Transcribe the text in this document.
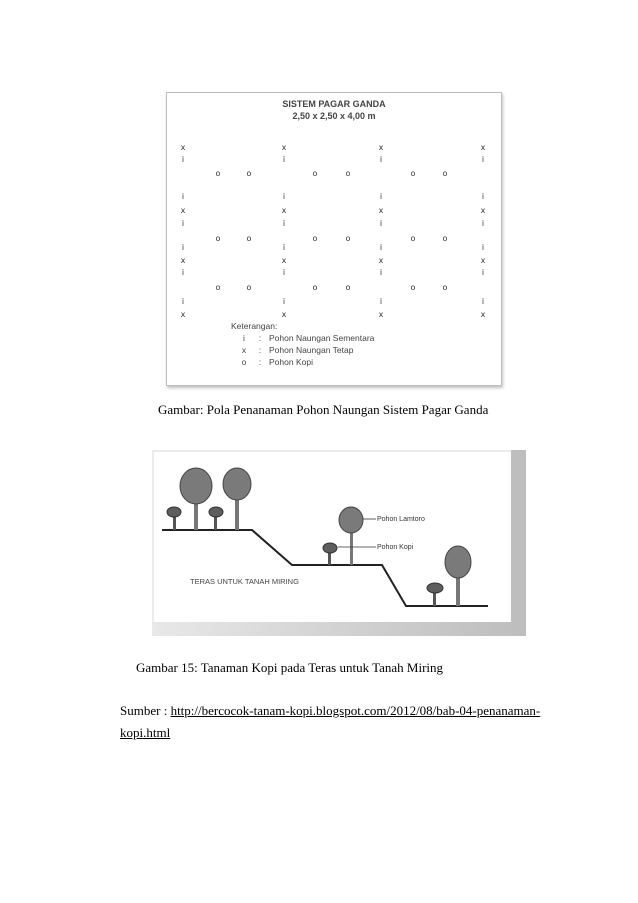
SISTEM PAGAR GANDA
2,50 x 2,50 x 4,00 m
x	x	x	x
i	i	i	i
o	o	o	o	o	o
i	i	i	i
x	x	x	x
i	i	i	i
o	o	o	o	o	o
i	i	i	i
x	x	x	x
i	i	i	i
o	o	o	o	o	o
i	i	i	i
x	x	x	x
Keterangan:
i	: Pohon Naungan Sementara
x	: Pohon Naungan Tetap
o	: Pohon Kopi
Gambar: Pola Penanaman Pohon Naungan Sistem Pagar Ganda
Pohon Lamtoro
Pohon Kopi
TERAS UNTUK TANAH MIRING
Gambar 15: Tanaman Kopi pada Teras untuk Tanah Miring
Sumber : http://bercocok-tanam-kopi.blogspot.com/2012/08/bab-04-penanaman-kopi.html
